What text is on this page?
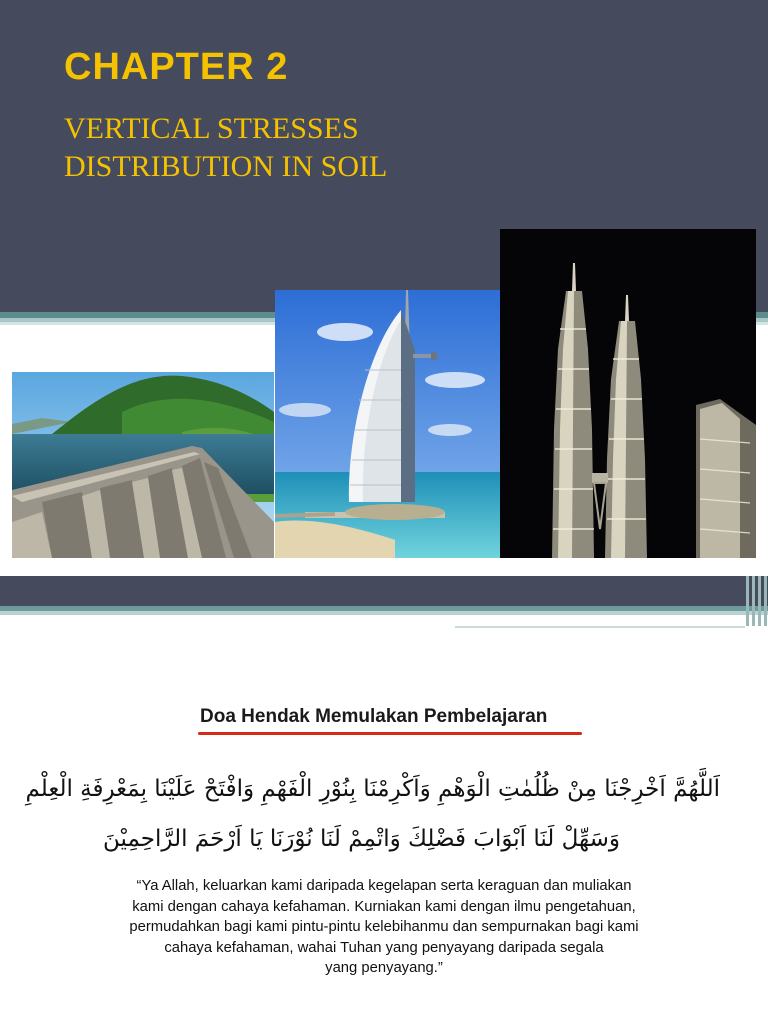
CHAPTER 2
VERTICAL STRESSES
DISTRIBUTION IN SOIL
Doa Hendak Memulakan Pembelajaran

اَللَّهُمَّ اَخْرِجْنَا مِنْ ظُلُمٰتِ الْوَهْمِ وَاَكْرِمْنَا بِنُوْرِ الْفَهْمِ وَافْتَحْ عَلَيْنَا بِمَعْرِفَةِ الْعِلْمِ

وَسَهِّلْ لَنَا اَبْوَابَ فَضْلِكَ وَاتْمِمْ لَنَا نُوْرَنَا يَا اَرْحَمَ الرَّاحِمِيْنَ

“Ya Allah, keluarkan kami daripada kegelapan serta keraguan dan muliakan
kami dengan cahaya kefahaman. Kurniakan kami dengan ilmu pengetahuan,
permudahkan bagi kami pintu-pintu kelebihanmu dan sempurnakan bagi kami
cahaya kefahaman, wahai Tuhan yang penyayang daripada segala
yang penyayang.”
